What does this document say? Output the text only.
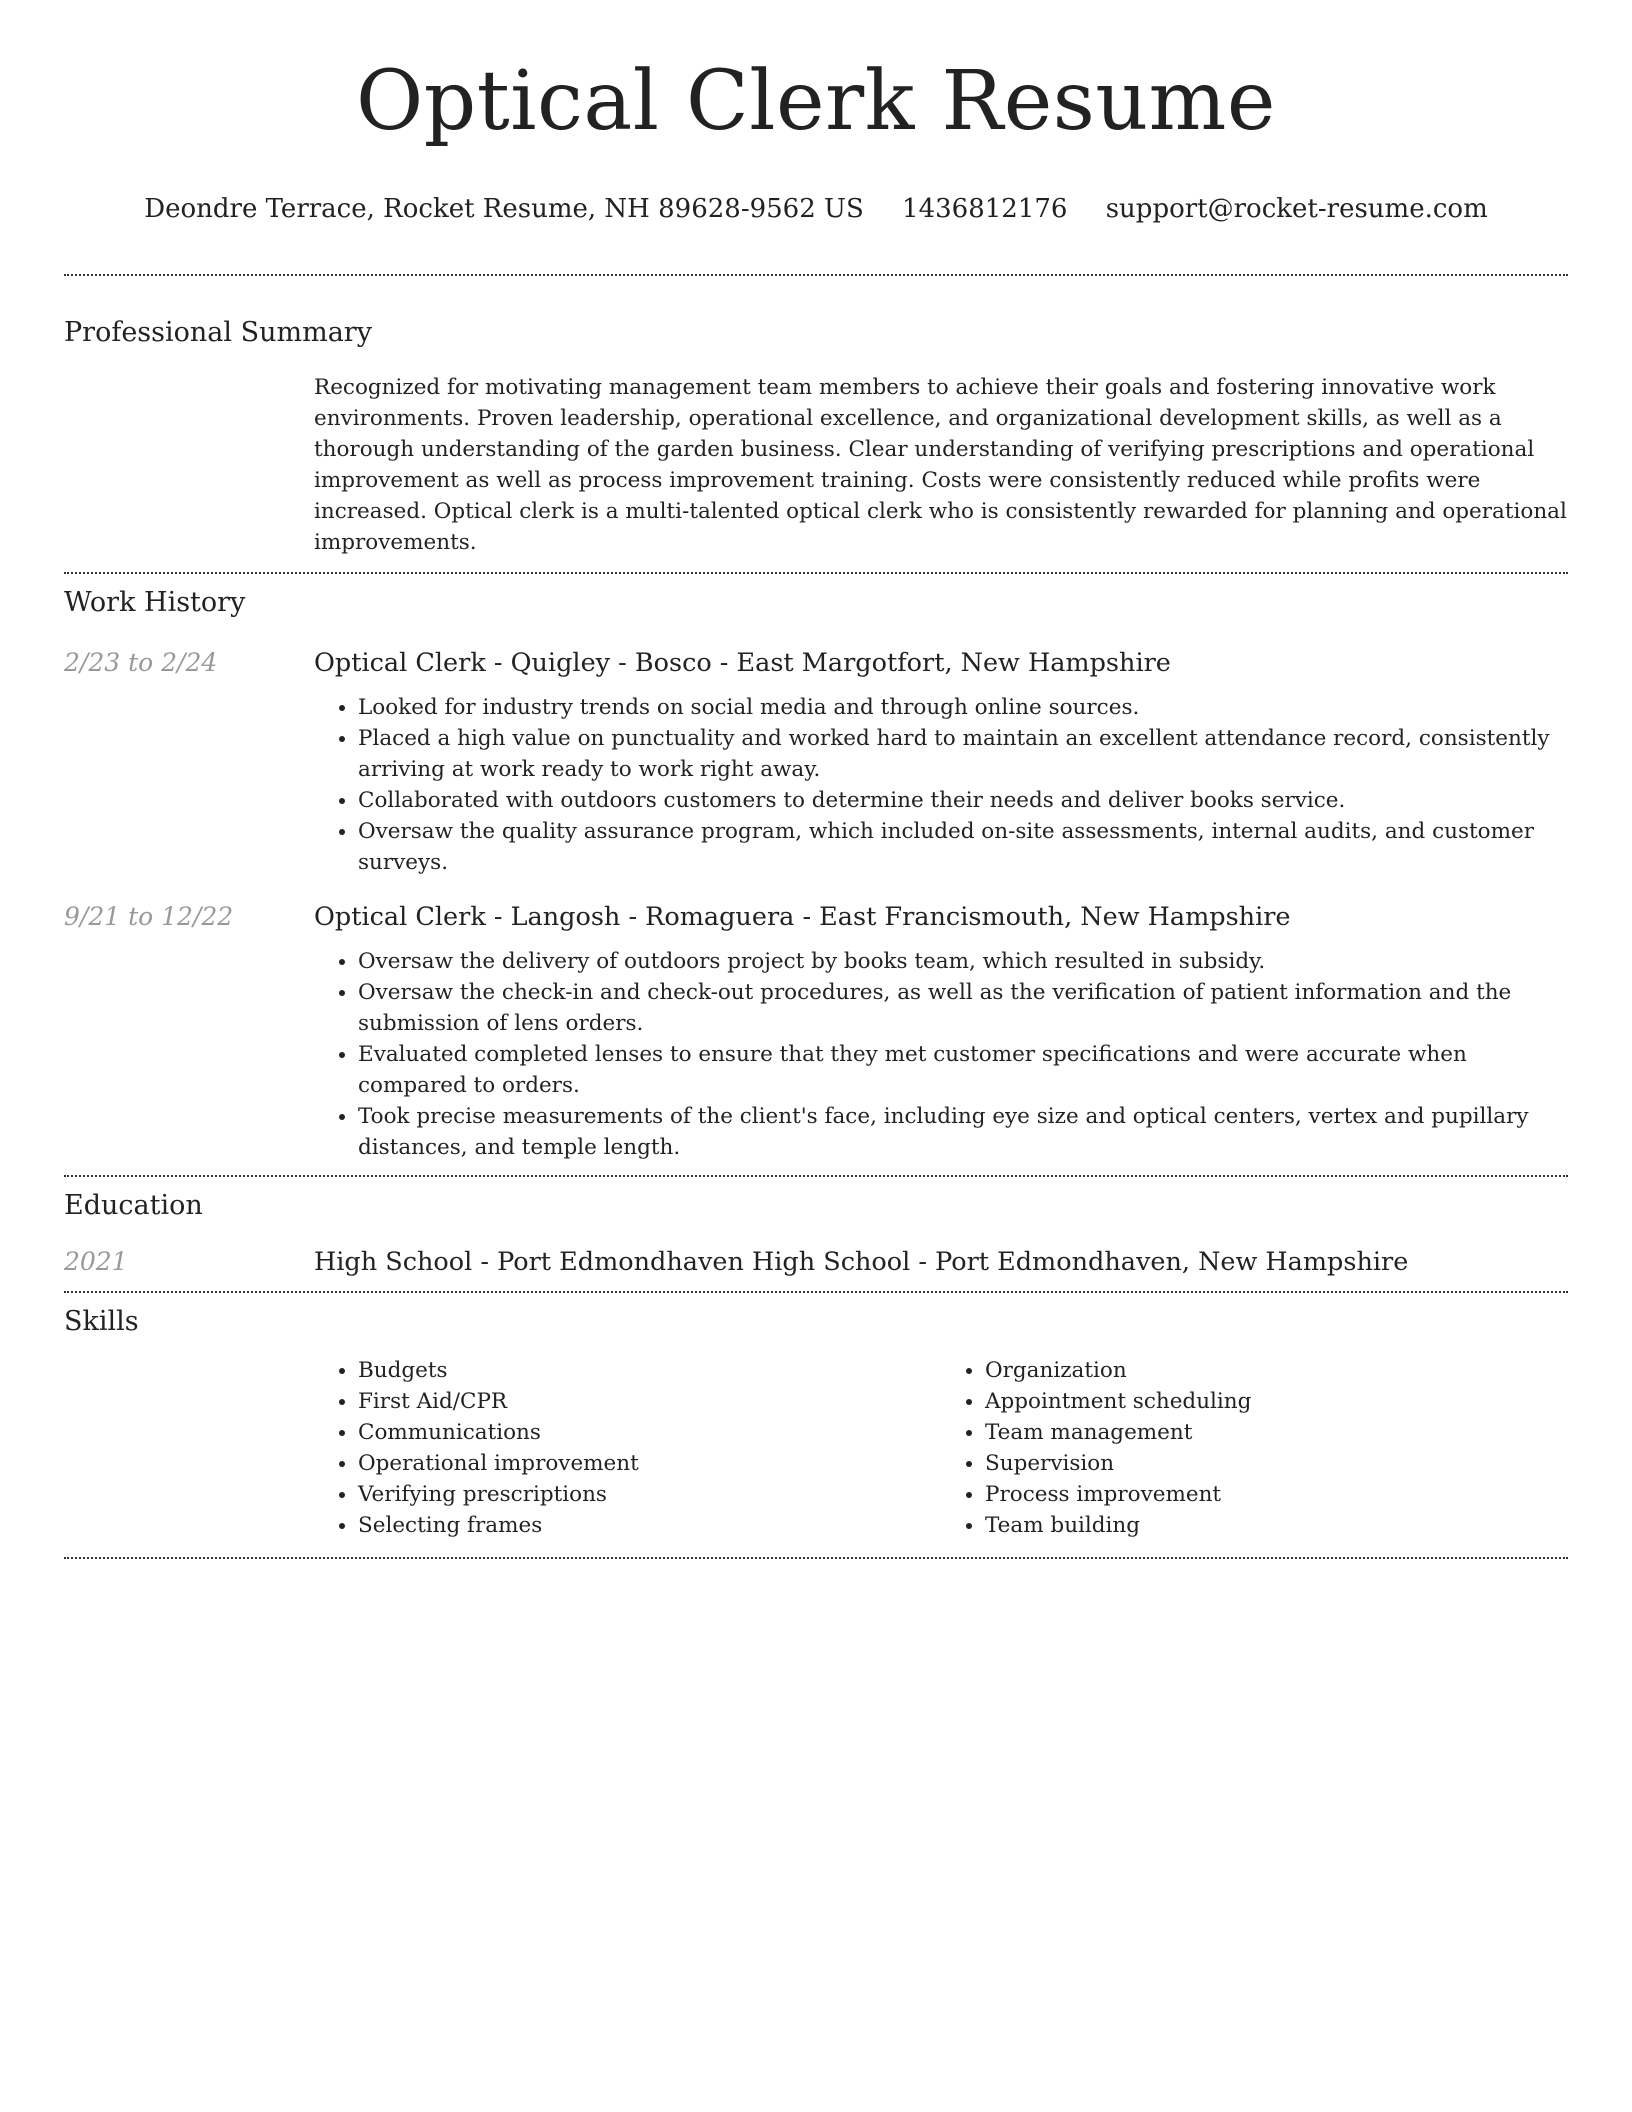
Optical Clerk Resume
Deondre Terrace, Rocket Resume, NH 89628-9562 US 1436812176 support@rocket-resume.com
Professional Summary

Recognized for motivating management team members to achieve their goals and fostering innovative work environments. Proven leadership, operational excellence, and organizational development skills, as well as a thorough understanding of the garden business. Clear understanding of verifying prescriptions and operational improvement as well as process improvement training. Costs were consistently reduced while profits were increased. Optical clerk is a multi-talented optical clerk who is consistently rewarded for planning and operational improvements.

Work History
2/23 to 2/24	Optical Clerk - Quigley - Bosco - East Margotfort, New Hampshire
• Looked for industry trends on social media and through online sources.
• Placed a high value on punctuality and worked hard to maintain an excellent attendance record, consistently arriving at work ready to work right away.
• Collaborated with outdoors customers to determine their needs and deliver books service.
• Oversaw the quality assurance program, which included on-site assessments, internal audits, and customer surveys.
9/21 to 12/22	Optical Clerk - Langosh - Romaguera - East Francismouth, New Hampshire
• Oversaw the delivery of outdoors project by books team, which resulted in subsidy.
• Oversaw the check-in and check-out procedures, as well as the verification of patient information and the submission of lens orders.
• Evaluated completed lenses to ensure that they met customer specifications and were accurate when compared to orders.
• Took precise measurements of the client's face, including eye size and optical centers, vertex and pupillary distances, and temple length.
Education
2021	High School - Port Edmondhaven High School - Port Edmondhaven, New Hampshire
Skills
• Budgets
• First Aid/CPR
• Communications
• Operational improvement
• Verifying prescriptions
• Selecting frames
• Organization
• Appointment scheduling
• Team management
• Supervision
• Process improvement
• Team building
